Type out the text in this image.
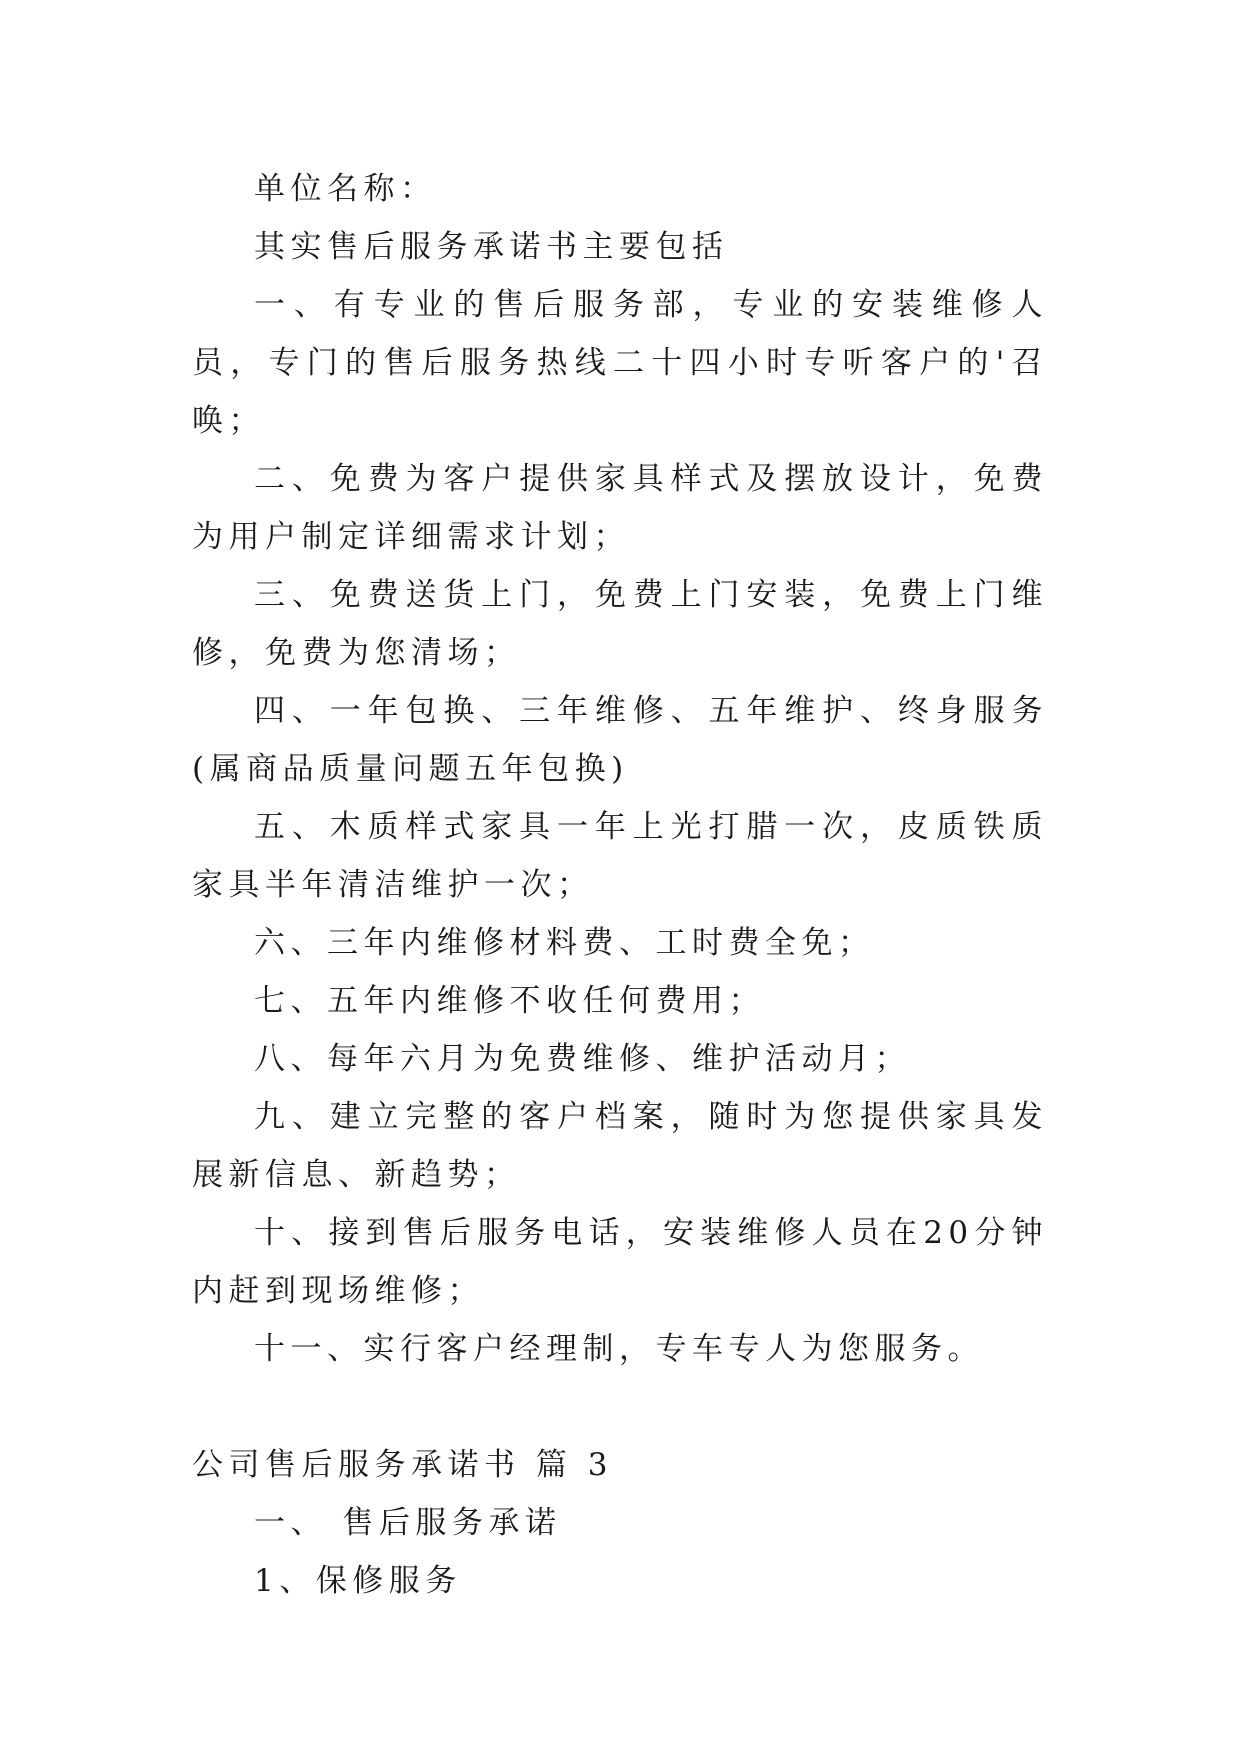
单位名称：

其实售后服务承诺书主要包括

一、有专业的售后服务部，专业的安装维修人员，专门的售后服务热线二十四小时专听客户的'召唤；

二、免费为客户提供家具样式及摆放设计，免费为用户制定详细需求计划；

三、免费送货上门，免费上门安装，免费上门维修，免费为您清场；

四、一年包换、三年维修、五年维护、终身服务(属商品质量问题五年包换)

五、木质样式家具一年上光打腊一次，皮质铁质家具半年清洁维护一次；

六、三年内维修材料费、工时费全免；

七、五年内维修不收任何费用；

八、每年六月为免费维修、维护活动月；

九、建立完整的客户档案，随时为您提供家具发展新信息、新趋势；

十、接到售后服务电话，安装维修人员在20分钟内赶到现场维修；

十一、实行客户经理制，专车专人为您服务。

公司售后服务承诺书 篇 3

一、 售后服务承诺

1、保修服务
